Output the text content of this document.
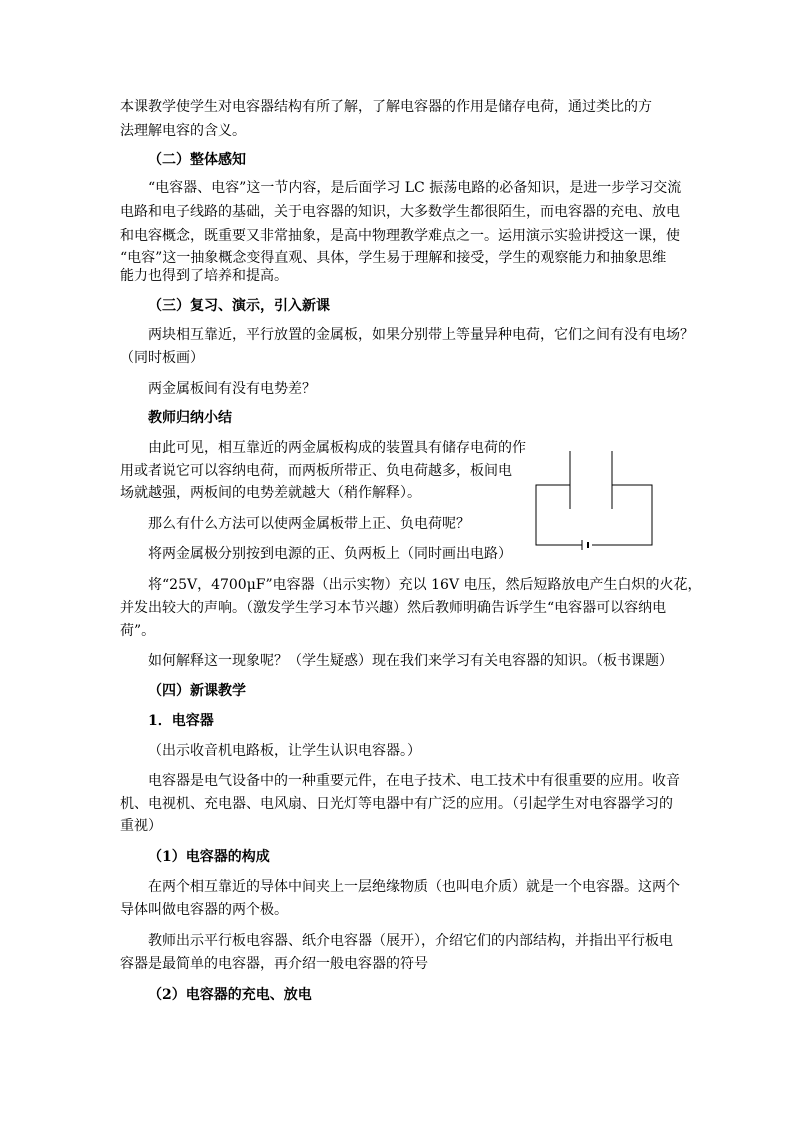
本课教学使学生对电容器结构有所了解，了解电容器的作用是储存电荷，通过类比的方
法理解电容的含义。
（二）整体感知
“电容器、电容”这一节内容，是后面学习 LC 振荡电路的必备知识，是进一步学习交流
电路和电子线路的基础，关于电容器的知识，大多数学生都很陌生，而电容器的充电、放电
和电容概念，既重要又非常抽象，是高中物理教学难点之一。运用演示实验讲授这一课，使
“电容”这一抽象概念变得直观、具体，学生易于理解和接受，学生的观察能力和抽象思维
能力也得到了培养和提高。
（三）复习、演示，引入新课
两块相互靠近，平行放置的金属板，如果分别带上等量异种电荷，它们之间有没有电场？
（同时板画）
两金属板间有没有电势差？
教师归纳小结
由此可见，相互靠近的两金属板构成的装置具有储存电荷的作
用或者说它可以容纳电荷，而两板所带正、负电荷越多，板间电
场就越强，两板间的电势差就越大（稍作解释）。
那么有什么方法可以使两金属板带上正、负电荷呢？
将两金属极分别按到电源的正、负两板上（同时画出电路）
将“25V，4700μF”电容器（出示实物）充以 16V 电压，然后短路放电产生白炽的火花，
并发出较大的声响。（激发学生学习本节兴趣）然后教师明确告诉学生“电容器可以容纳电
荷”。
如何解释这一现象呢？（学生疑惑）现在我们来学习有关电容器的知识。（板书课题）
（四）新课教学
1．电容器
（出示收音机电路板，让学生认识电容器。）
电容器是电气设备中的一种重要元件，在电子技术、电工技术中有很重要的应用。收音
机、电视机、充电器、电风扇、日光灯等电器中有广泛的应用。（引起学生对电容器学习的
重视）
（1）电容器的构成
在两个相互靠近的导体中间夹上一层绝缘物质（也叫电介质）就是一个电容器。这两个
导体叫做电容器的两个极。
教师出示平行板电容器、纸介电容器（展开），介绍它们的内部结构，并指出平行板电
容器是最简单的电容器，再介绍一般电容器的符号
（2）电容器的充电、放电
